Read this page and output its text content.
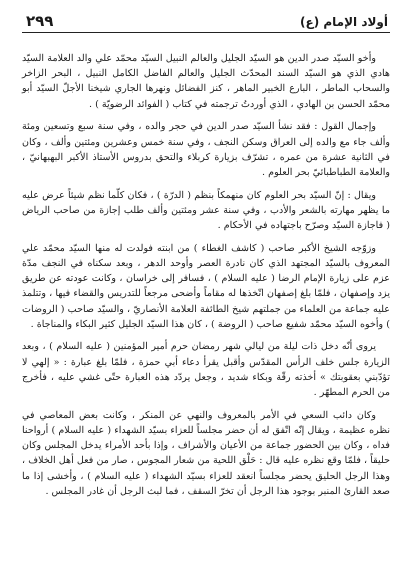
٢٩٩	أولاد الإمام (ع)

وأخو السيّد صدر الدين هو السيّد الجليل والعالم النبيل السيّد محمّد علي والد العلامة السيّد هادي الذي هو السيّد السند المحدّث الجليل والعالم الفاضل الكامل النبيل ، البحر الزاخر والسحاب الماطر ، البارع الخبير الماهر ، كنز الفضائل ونهرها الجاري شيخنا الأجلّ السيّد أبو محمّد الحسن بن الهادي ، الذي أوردتُ ترجمته في كتاب ( الفوائد الرضويّة ) .

وإجمال القول : فقد نشأ السيّد صدر الدين في حجر والده ، وفي سنة سبع وتسعين ومئة وألف جاء مع والده إلى العراق وسكن النجف ، وفي سنة خمس وعشرين ومئتين وألف ، وكان في الثانية عشرة من عمره ، تشرّف بزيارة كربلاء والتحق بدروس الأستاذ الأكبر البهبهانيّ ، والعلامة الطباطبائيّ بحر العلوم .

ويقال : إنّ السيّد بحر العلوم كان منهمكاً بنظم ( الدرّة ) ، فكان كلّما نظم شيئاً عرض عليه ما يظهر مهارته بالشعر والأدب ، وفي سنة عشر ومئتين وألف طلب إجازة من صاحب الرياض ( فاجازة السيّد وصرّح باجتهاده في الأحكام .

وزوّجه الشيخ الأكبر صاحب ( كاشف الغطاء ) من ابنته فولدت له منها السيّد محمّد علي المعروف بالسيّد المجتهد الذي كان نادرة العصر وأوحد الدهر ، وبعد سكناه في النجف مدّة عزم على زيارة الإمام الرضا ( عليه السلام ) ، فسافر إلى خراسان ، وكانت عودته عن طريق يزد وإصفهان ، فلمّا بلغ إصفهان اتّخذها له مقاماً وأضحى مرجعاً للتدريس والقضاء فيها ، وتتلمذ عليه جماعة من العلماء من جملتهم شيخ الطائفة العلامة الأنصاريّ ، والسيّد صاحب ( الروضات ) وأخوه السيّد محمّد شفيع صاحب ( الروضة ) ، كان هذا السيّد الجليل كثير البكاء والمناجاة .

يروى أنّه دخل ذات ليلة من ليالي شهر رمضان حرم أمير المؤمنين ( عليه السلام ) ، وبعد الزيارة جلس خلف الرأس المقدّس وأقبل يقرأ دعاء أبي حمزة ، فلمّا بلغ عبارة : « إلهي لا تؤدّبني بعقوبتك » أخذته رقّة وبكاء شديد ، وجعل يردّد هذه العبارة حتّى غشي عليه ، فأخرج من الحرم المطهّر .

وكان دائب السعي في الأمر بالمعروف والنهي عن المنكر ، وكانت بعض المعاصي في نظره عظيمة ، ويقال إنّه اتّفق له أن حضر مجلساً للعزاء بسيّد الشهداء ( عليه السلام ) أرواحنا فداه ، وكان بين الحضور جماعة من الأعيان والأشراف ، وإذا بأحد الأمراء يدخل المجلس وكان حليقاً ، فلمّا وقع نظره عليه قال : حَلْق اللحية من شعار المجوس ، صار من فعل أهل الخلاف ، وهذا الرجل الحليق يحضر مجلساً انعقد للعزاء بسيّد الشهداء ( عليه السلام ) ، وأخشى إذا ما صعد القارئ المنبر بوجود هذا الرجل أن تخرّ السقف ، فما لبث الرجل أن غادر المجلس .
